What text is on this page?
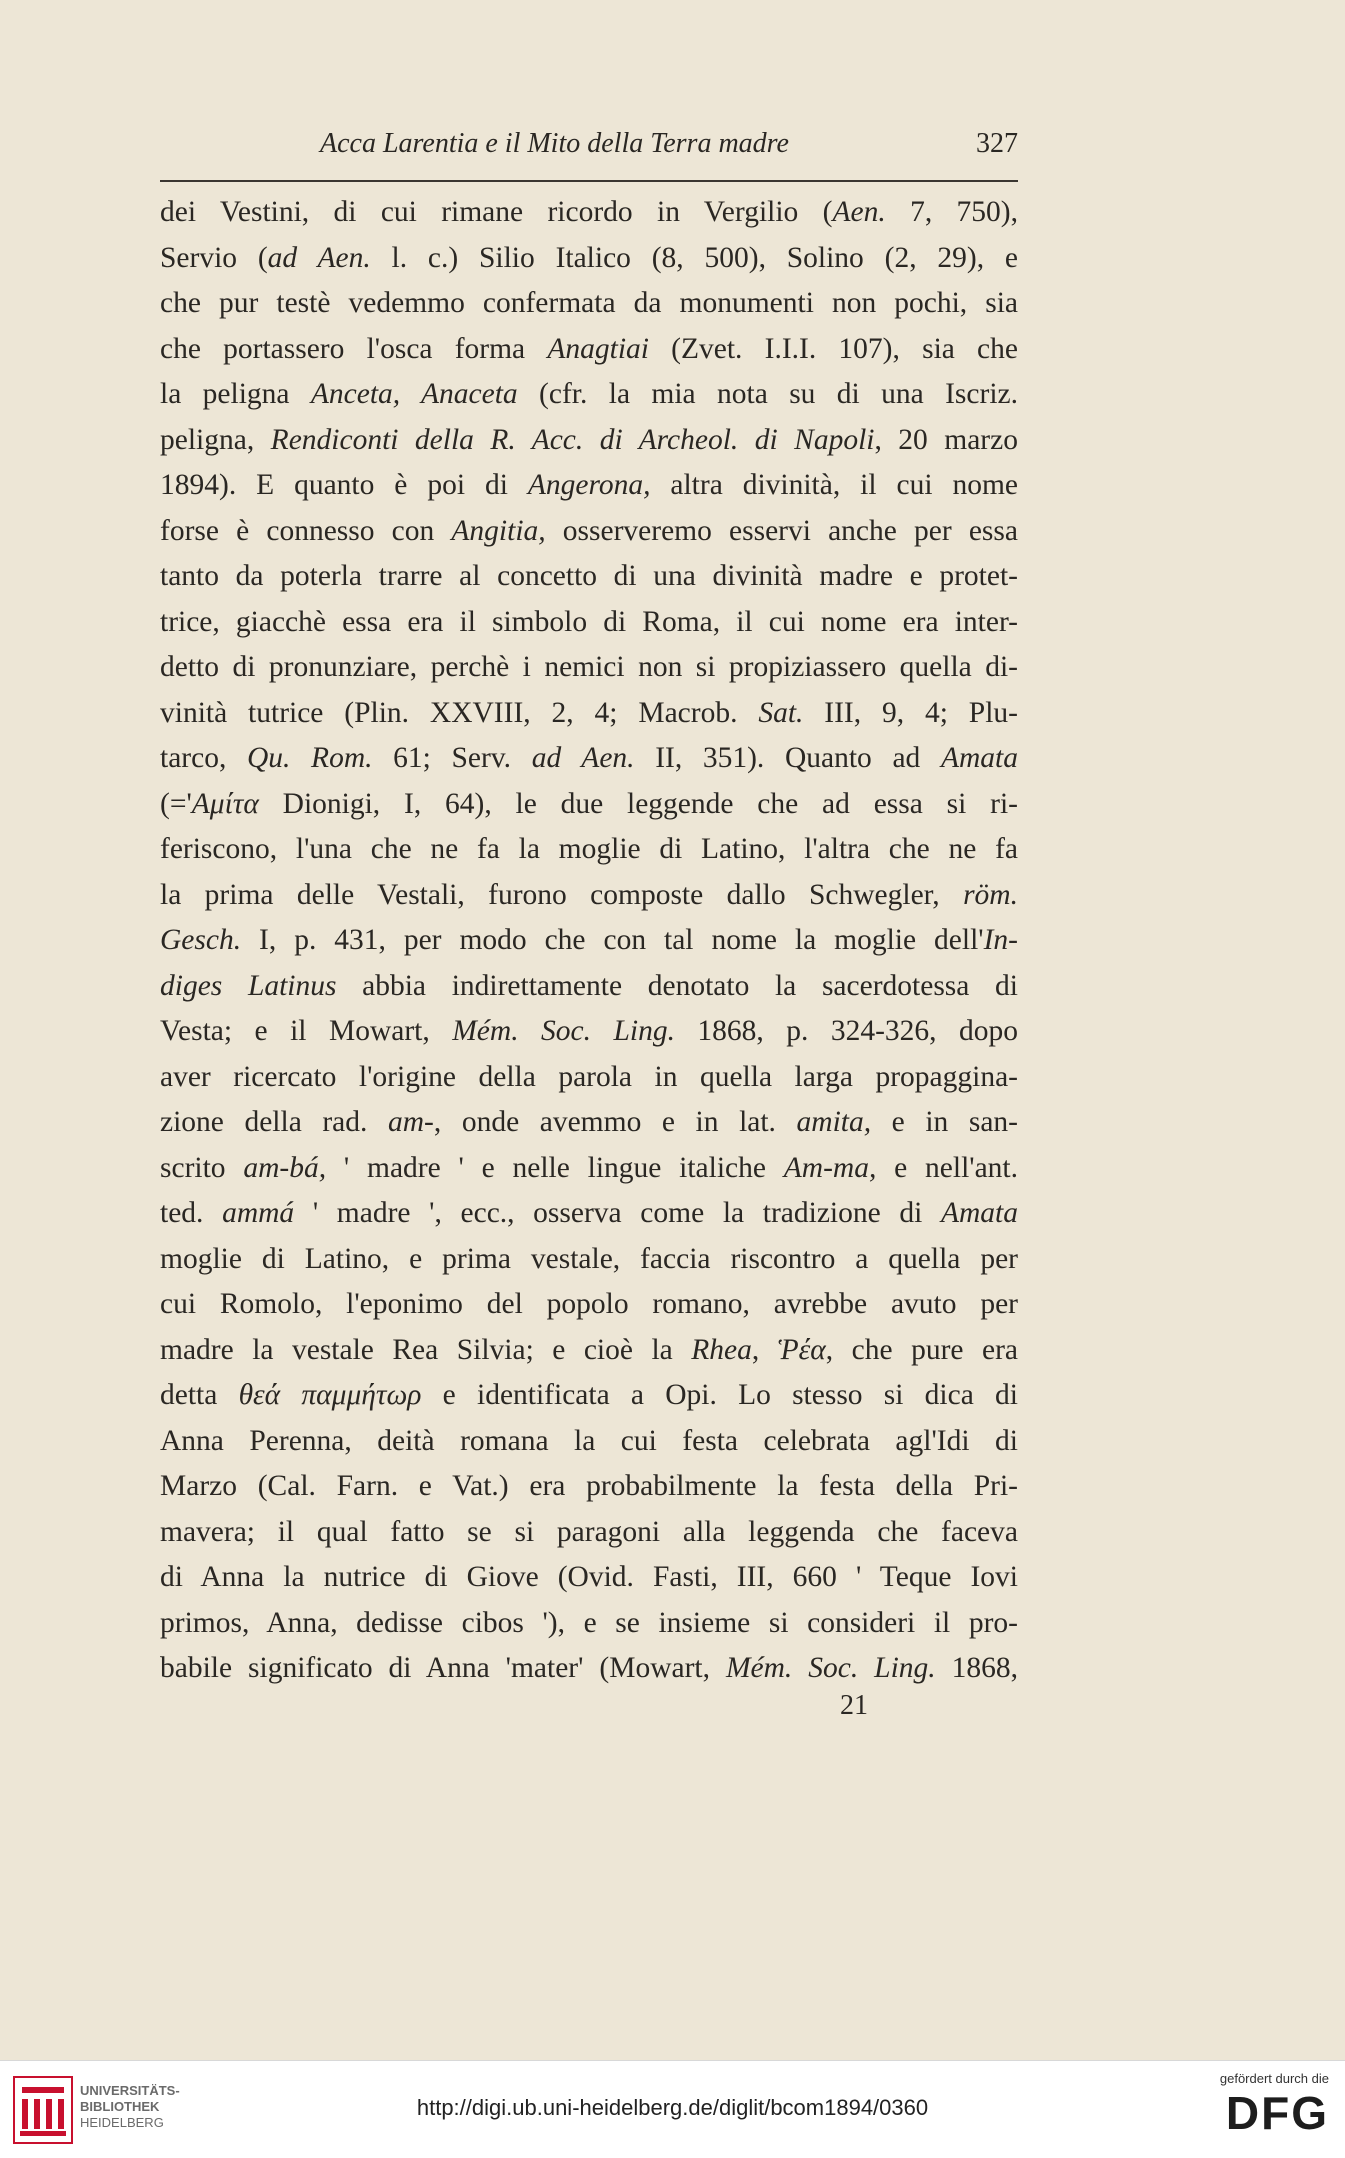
Acca Larentia e il Mito della Terra madre	327
dei Vestini, di cui rimane ricordo in Vergilio (Aen. 7, 750),
Servio (ad Aen. l. c.) Silio Italico (8, 500), Solino (2, 29), e
che pur testè vedemmo confermata da monumenti non pochi, sia
che portassero l'osca forma Anagtiai (Zvet. I.I.I. 107), sia che
la peligna Anceta, Anaceta (cfr. la mia nota su di una Iscriz.
peligna, Rendiconti della R. Acc. di Archeol. di Napoli, 20 marzo
1894). E quanto è poi di Angerona, altra divinità, il cui nome
forse è connesso con Angitia, osserveremo esservi anche per essa
tanto da poterla trarre al concetto di una divinità madre e protet-
trice, giacchè essa era il simbolo di Roma, il cui nome era inter-
detto di pronunziare, perchè i nemici non si propiziassero quella di-
vinità tutrice (Plin. XXVIII, 2, 4; Macrob. Sat. III, 9, 4; Plu-
tarco, Qu. Rom. 61; Serv. ad Aen. II, 351). Quanto ad Amata
(='Αμίτα Dionigi, I, 64), le due leggende che ad essa si ri-
feriscono, l'una che ne fa la moglie di Latino, l'altra che ne fa
la prima delle Vestali, furono composte dallo Schwegler, röm.
Gesch. I, p. 431, per modo che con tal nome la moglie dell'In-
diges Latinus abbia indirettamente denotato la sacerdotessa di
Vesta; e il Mowart, Mém. Soc. Ling. 1868, p. 324-326, dopo
aver ricercato l'origine della parola in quella larga propaggina-
zione della rad. am-, onde avemmo e in lat. amita, e in san-
scrito am-bá, ' madre ' e nelle lingue italiche Am-ma, e nell'ant.
ted. ammá ' madre ', ecc., osserva come la tradizione di Amata
moglie di Latino, e prima vestale, faccia riscontro a quella per
cui Romolo, l'eponimo del popolo romano, avrebbe avuto per
madre la vestale Rea Silvia; e cioè la Rhea, Ῥέα, che pure era
detta θεά παμμήτωρ e identificata a Opi. Lo stesso si dica di
Anna Perenna, deità romana la cui festa celebrata agl'Idi di
Marzo (Cal. Farn. e Vat.) era probabilmente la festa della Pri-
mavera; il qual fatto se si paragoni alla leggenda che faceva
di Anna la nutrice di Giove (Ovid. Fasti, III, 660 ' Teque Iovi
primos, Anna, dedisse cibos '), e se insieme si consideri il pro-
babile significato di Anna 'mater' (Mowart, Mém. Soc. Ling. 1868,
21
UNIVERSITÄTS-
BIBLIOTHEK
HEIDELBERG
http://digi.ub.uni-heidelberg.de/diglit/bcom1894/0360
gefördert durch die
DFG
